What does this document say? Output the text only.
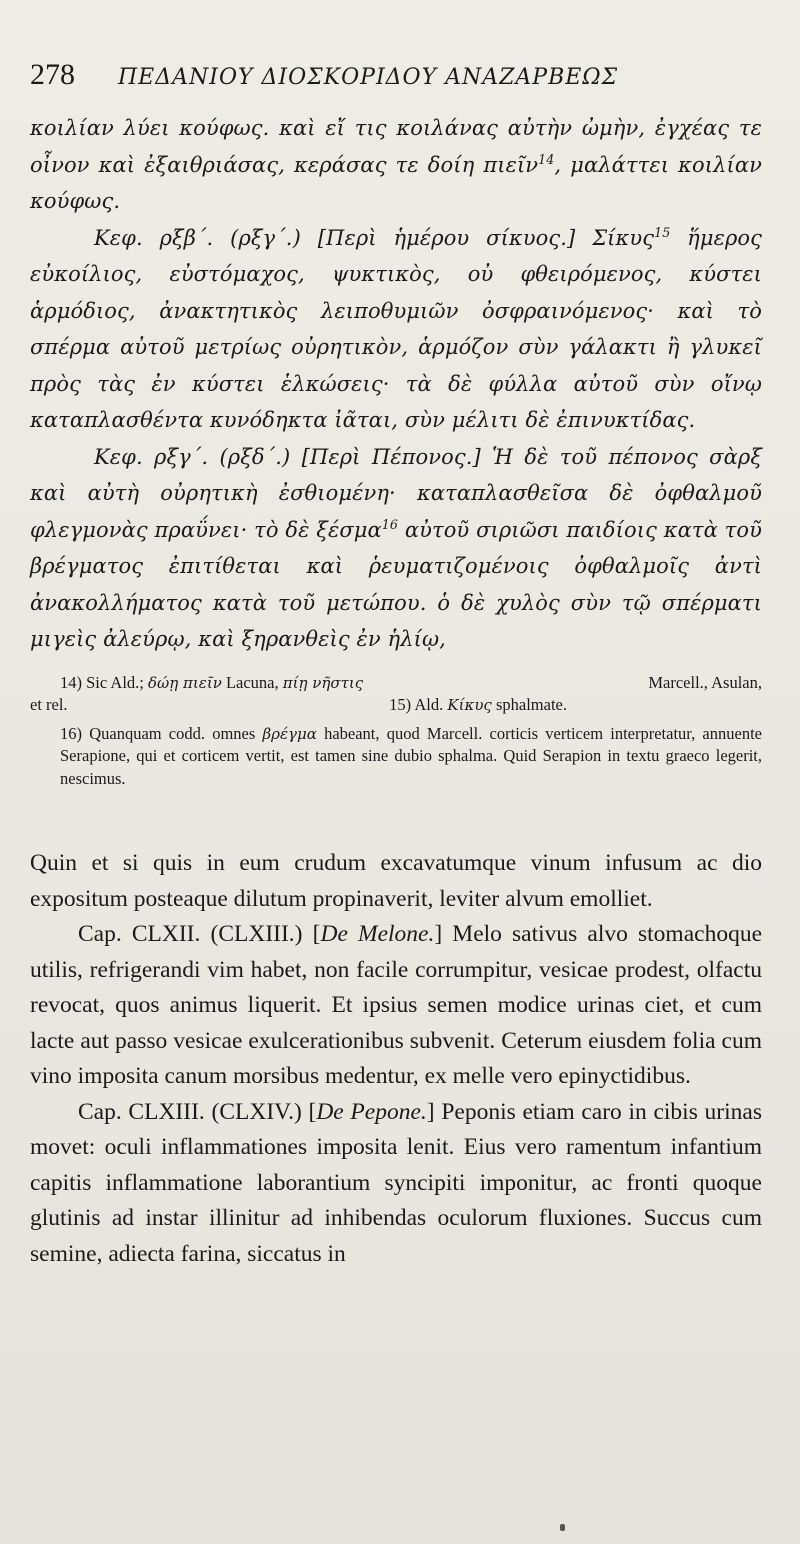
278	ΠΕΔΑΝΙΟΥ ΔΙΟΣΚΟΡΙΔΟΥ ΑΝΑΖΑΡΒΕΩΣ

κοιλίαν λύει κούφως. καὶ εἴ τις κοιλάνας αὐτὴν ὠμὴν, ἐγχέας τε οἶνον καὶ ἐξαιθριάσας, κεράσας τε δοίη πιεῖν$^{14}$, μαλάττει κοιλίαν κούφως.

Κεφ. ρξβ΄. (ρξγ΄.) [Περὶ ἡμέρου σίκυος.] Σίκυς$^{15}$ ἥμερος εὐκοίλιος, εὐστόμαχος, ψυκτικὸς, οὐ φθειρόμενος, κύστει ἁρμόδιος, ἀνακτητικὸς λειποθυμιῶν ὀσφραινόμενος· καὶ τὸ σπέρμα αὐτοῦ μετρίως οὐρητικὸν, ἁρμόζον σὺν γάλακτι ἢ γλυκεῖ πρὸς τὰς ἐν κύστει ἑλκώσεις· τὰ δὲ φύλλα αὐτοῦ σὺν οἴνῳ καταπλασθέντα κυνόδηκτα ἰᾶται, σὺν μέλιτι δὲ ἐπινυκτίδας.

Κεφ. ρξγ΄. (ρξδ΄.) [Περὶ Πέπονος.] Ἡ δὲ τοῦ πέπονος σὰρξ καὶ αὐτὴ οὐρητικὴ ἐσθιομένη· καταπλασθεῖσα δὲ ὀφθαλμοῦ φλεγμονὰς πραΰνει· τὸ δὲ ξέσμα$^{16}$ αὐτοῦ σιριῶσι παιδίοις κατὰ τοῦ βρέγματος ἐπιτίθεται καὶ ῥευματιζομένοις ὀφθαλμοῖς ἀντὶ ἀνακολλήματος κατὰ τοῦ μετώπου. ὁ δὲ χυλὸς σὺν τῷ σπέρματι μιγεὶς ἀλεύρῳ, καὶ ξηρανθεὶς ἐν ἡλίῳ,

14) Sic Ald.; δώῃ πιεῖν Lacuna, πίῃ νῆστις	Marcell., Asulan,
et rel.	15) Ald. Κίκυς sphalmate.

16) Quanquam codd. omnes βρέγμα habeant, quod Marcell. corticis verticem interpretatur, annuente Serapione, qui et corticem vertit, est tamen sine dubio sphalma. Quid Serapion in textu graeco legerit, nescimus.

Quin et si quis in eum crudum excavatumque vinum infusum ac dio expositum posteaque dilutum propinaverit, leviter alvum emolliet.

Cap. CLXII. (CLXIII.) [De Melone.] Melo sativus alvo stomachoque utilis, refrigerandi vim habet, non facile corrumpitur, vesicae prodest, olfactu revocat, quos animus liquerit. Et ipsius semen modice urinas ciet, et cum lacte aut passo vesicae exulcerationibus subvenit. Ceterum eiusdem folia cum vino imposita canum morsibus medentur, ex melle vero epinyctidibus.

Cap. CLXIII. (CLXIV.) [De Pepone.] Peponis etiam caro in cibis urinas movet: oculi inflammationes imposita lenit. Eius vero ramentum infantium capitis inflammatione laborantium syncipiti imponitur, ac fronti quoque glutinis ad instar illinitur ad inhibendas oculorum fluxiones. Succus cum semine, adiecta farina, siccatus in
